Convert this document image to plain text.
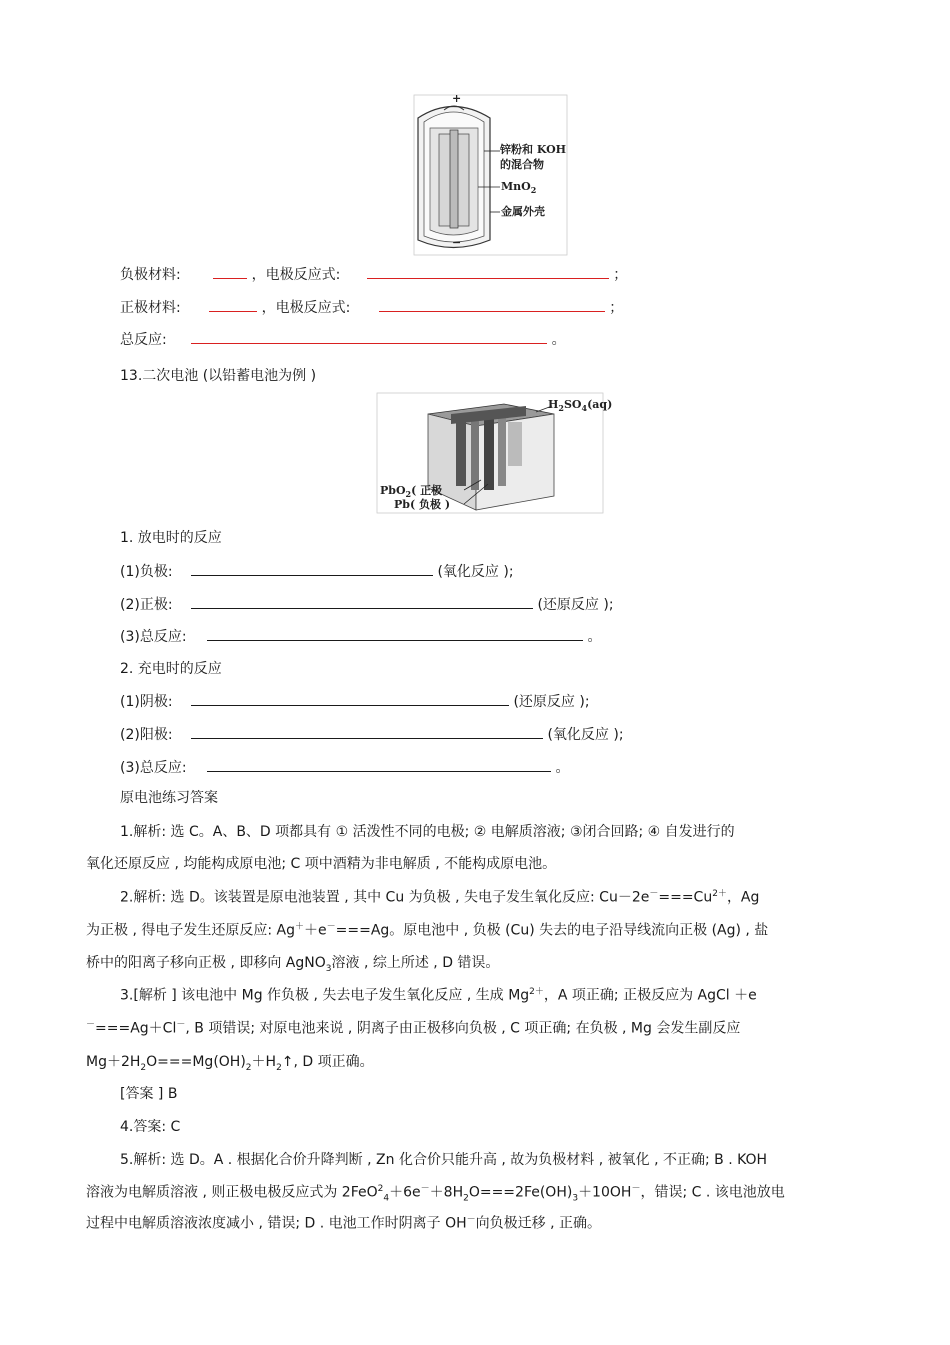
+
−
锌粉和 KOH
的混合物
MnO$_2$
金属外壳
负极材料:	，电极反应式:	；
正极材料:	，电极反应式:	；
总反应:	。
13.二次电池 (以铅蓄电池为例 )
$H_2SO_4(aq)$
PbO$_2$( 正极
Pb( 负极 )
1. 放电时的反应
(1)负极:	(氧化反应 );
(2)正极:	(还原反应 );
(3)总反应:	。
2. 充电时的反应
(1)阴极:	(还原反应 );
(2)阳极:	(氧化反应 );
(3)总反应:	。
原电池练习答案
1.解析: 选 C。A、B、D 项都具有 ① 活泼性不同的电极; ② 电解质溶液; ③闭合回路; ④ 自发进行的
氧化还原反应 , 均能构成原电池; C 项中酒精为非电解质 , 不能构成原电池。
2.解析: 选 D。该装置是原电池装置 , 其中 Cu 为负极 , 失电子发生氧化反应: $Cu-2e^-===Cu^{2+}$，Ag
为正极 , 得电子发生还原反应: Ag＋＋e－===Ag。原电池中 , 负极 (Cu) 失去的电子沿导线流向正极 (Ag) , 盐
桥中的阳离子移向正极 , 即移向 AgNO$_3$溶液 , 综上所述 , D 错误。
3.[解析 ] 该电池中 Mg 作负极 , 失去电子发生氧化反应 , 生成 $Mg^{2+}$，A 项正确; 正极反应为 AgCl ＋e
－===Ag＋Cl－, B 项错误; 对原电池来说 , 阴离子由正极移向负极 , C 项正确; 在负极 , Mg 会发生副反应
$Mg+2H_2O===Mg(OH)_2+H_2↑$, D 项正确。
[答案 ] B
4.答案: C
5.解析: 选 D。A . 根据化合价升降判断 , Zn 化合价只能升高 , 故为负极材料 , 被氧化 , 不正确; B . KOH
溶液为电解质溶液 , 则正极电极反应式为 $2FeO^2_4+6e^-+8H_2O===2Fe(OH)_3+10OH^-$，错误; C . 该电池放电
过程中电解质溶液浓度减小 , 错误; D . 电池工作时阴离子 OH－向负极迁移 , 正确。
